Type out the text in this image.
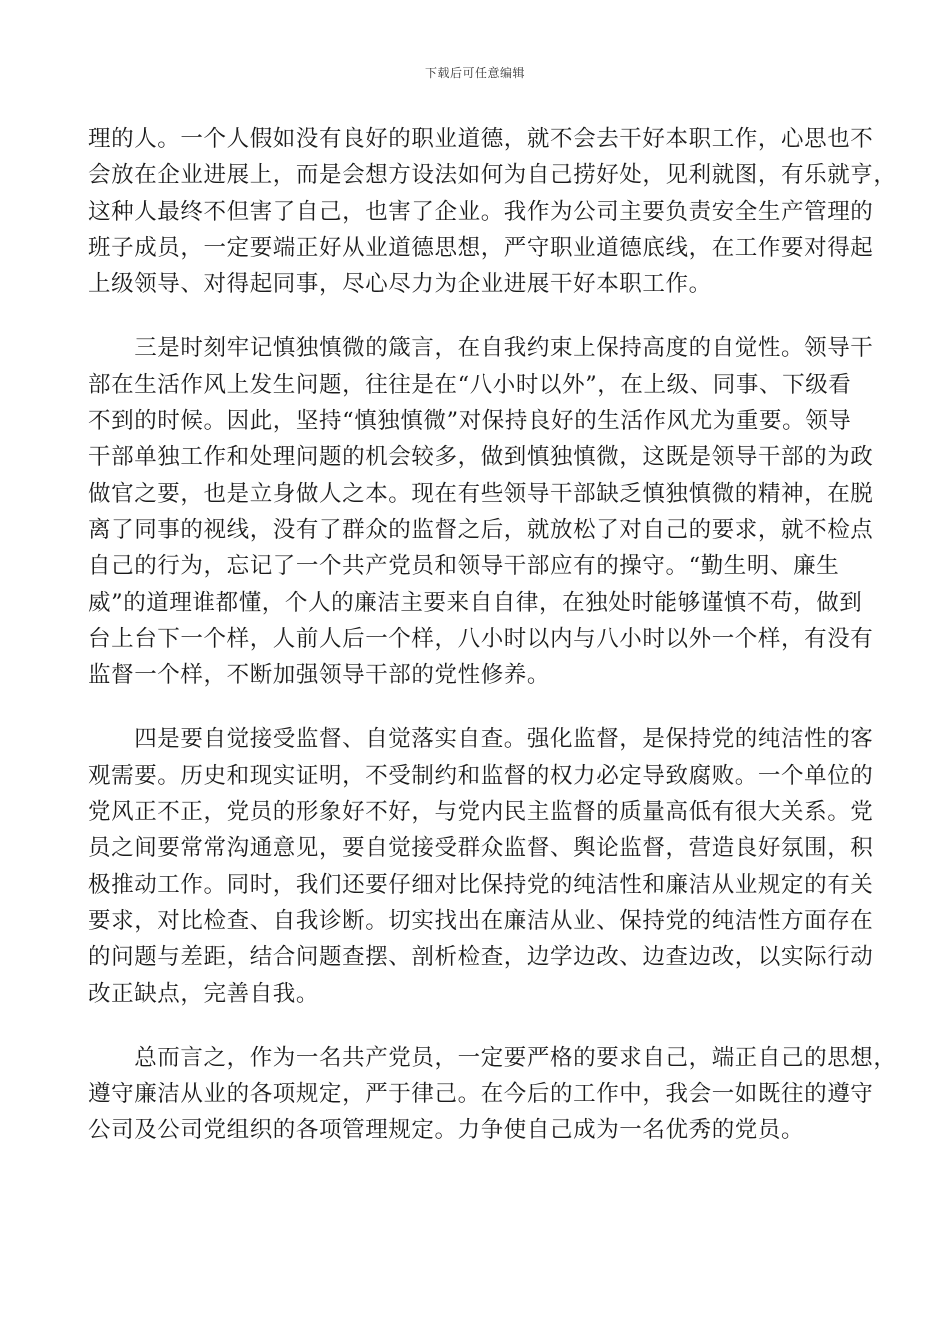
下载后可任意编辑
理的人。一个人假如没有良好的职业道德，就不会去干好本职工作，心思也不
会放在企业进展上，而是会想方设法如何为自己捞好处，见利就图，有乐就亨，
这种人最终不但害了自己，也害了企业。我作为公司主要负责安全生产管理的
班子成员，一定要端正好从业道德思想，严守职业道德底线，在工作要对得起
上级领导、对得起同事，尽心尽力为企业进展干好本职工作。
　　三是时刻牢记慎独慎微的箴言，在自我约束上保持高度的自觉性。领导干
部在生活作风上发生问题，往往是在“八小时以外”，在上级、同事、下级看
不到的时候。因此，坚持“慎独慎微”对保持良好的生活作风尤为重要。领导
干部单独工作和处理问题的机会较多，做到慎独慎微，这既是领导干部的为政
做官之要，也是立身做人之本。现在有些领导干部缺乏慎独慎微的精神，在脱
离了同事的视线，没有了群众的监督之后，就放松了对自己的要求，就不检点
自己的行为，忘记了一个共产党员和领导干部应有的操守。“勤生明、廉生
威”的道理谁都懂，个人的廉洁主要来自自律，在独处时能够谨慎不苟，做到
台上台下一个样，人前人后一个样，八小时以内与八小时以外一个样，有没有
监督一个样，不断加强领导干部的党性修养。
　　四是要自觉接受监督、自觉落实自查。强化监督，是保持党的纯洁性的客
观需要。历史和现实证明，不受制约和监督的权力必定导致腐败。一个单位的
党风正不正，党员的形象好不好，与党内民主监督的质量高低有很大关系。党
员之间要常常沟通意见，要自觉接受群众监督、舆论监督，营造良好氛围，积
极推动工作。同时，我们还要仔细对比保持党的纯洁性和廉洁从业规定的有关
要求，对比检查、自我诊断。切实找出在廉洁从业、保持党的纯洁性方面存在
的问题与差距，结合问题查摆、剖析检查，边学边改、边查边改，以实际行动
改正缺点，完善自我。
　　总而言之，作为一名共产党员，一定要严格的要求自己，端正自己的思想，
遵守廉洁从业的各项规定，严于律己。在今后的工作中，我会一如既往的遵守
公司及公司党组织的各项管理规定。力争使自己成为一名优秀的党员。
